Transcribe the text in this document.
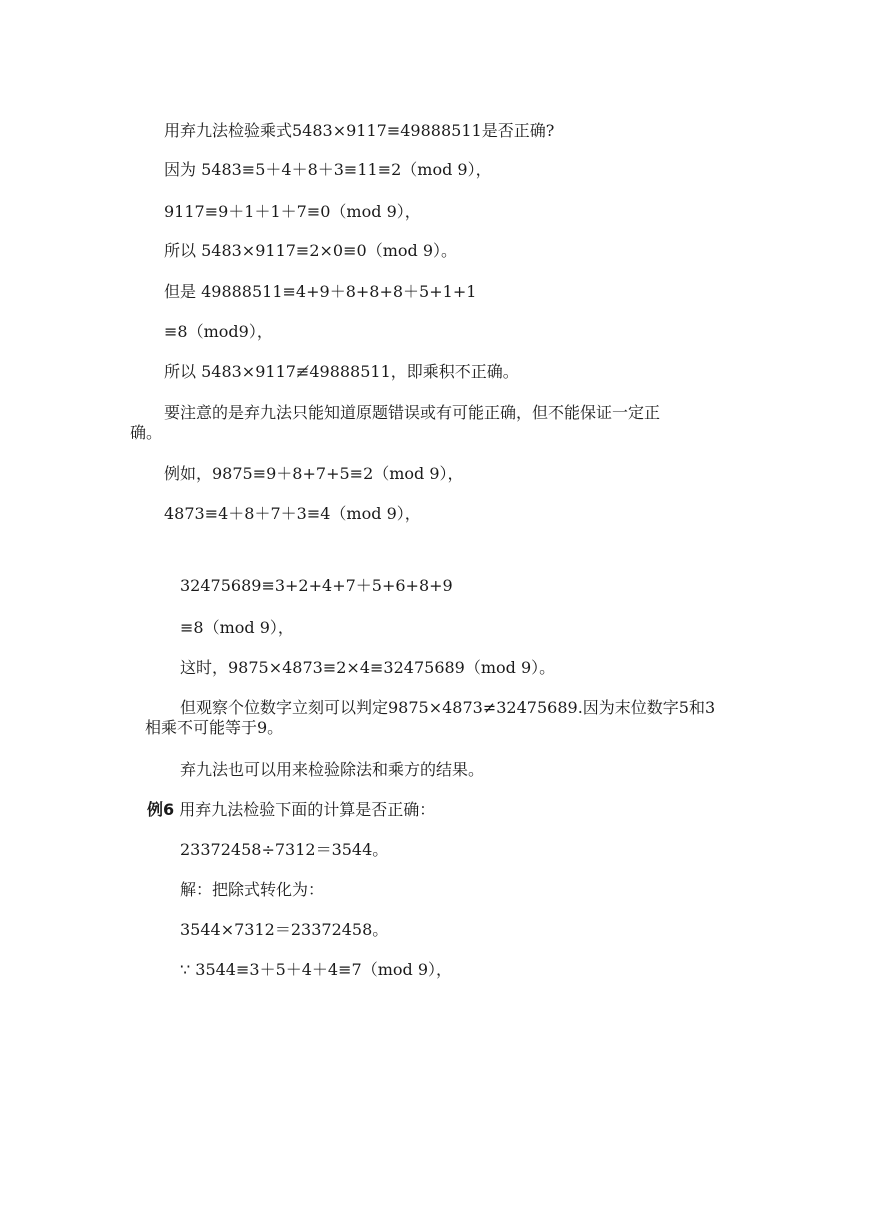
用弃九法检验乘式5483×9117≡49888511是否正确?
因为 5483≡5＋4＋8＋3≡11≡2（mod 9），
9117≡9＋1＋1＋7≡0（mod 9），
所以 5483×9117≡2×0≡0（mod 9）。
但是 49888511≡4+9＋8+8+8＋5+1+1
≡8（mod9），
所以 5483×9117≢49888511，即乘积不正确。
要注意的是弃九法只能知道原题错误或有可能正确，但不能保证一定正
确。
例如，9875≡9＋8+7+5≡2（mod 9），
4873≡4＋8＋7＋3≡4（mod 9），
32475689≡3+2+4+7＋5+6+8+9
≡8（mod 9），
这时，9875×4873≡2×4≡32475689（mod 9）。
但观察个位数字立刻可以判定9875×4873≠32475689.因为末位数字5和3
相乘不可能等于9。
弃九法也可以用来检验除法和乘方的结果。
例6 用弃九法检验下面的计算是否正确：
23372458÷7312＝3544。
解：把除式转化为：
3544×7312＝23372458。
∵ 3544≡3＋5＋4＋4≡7（mod 9），
